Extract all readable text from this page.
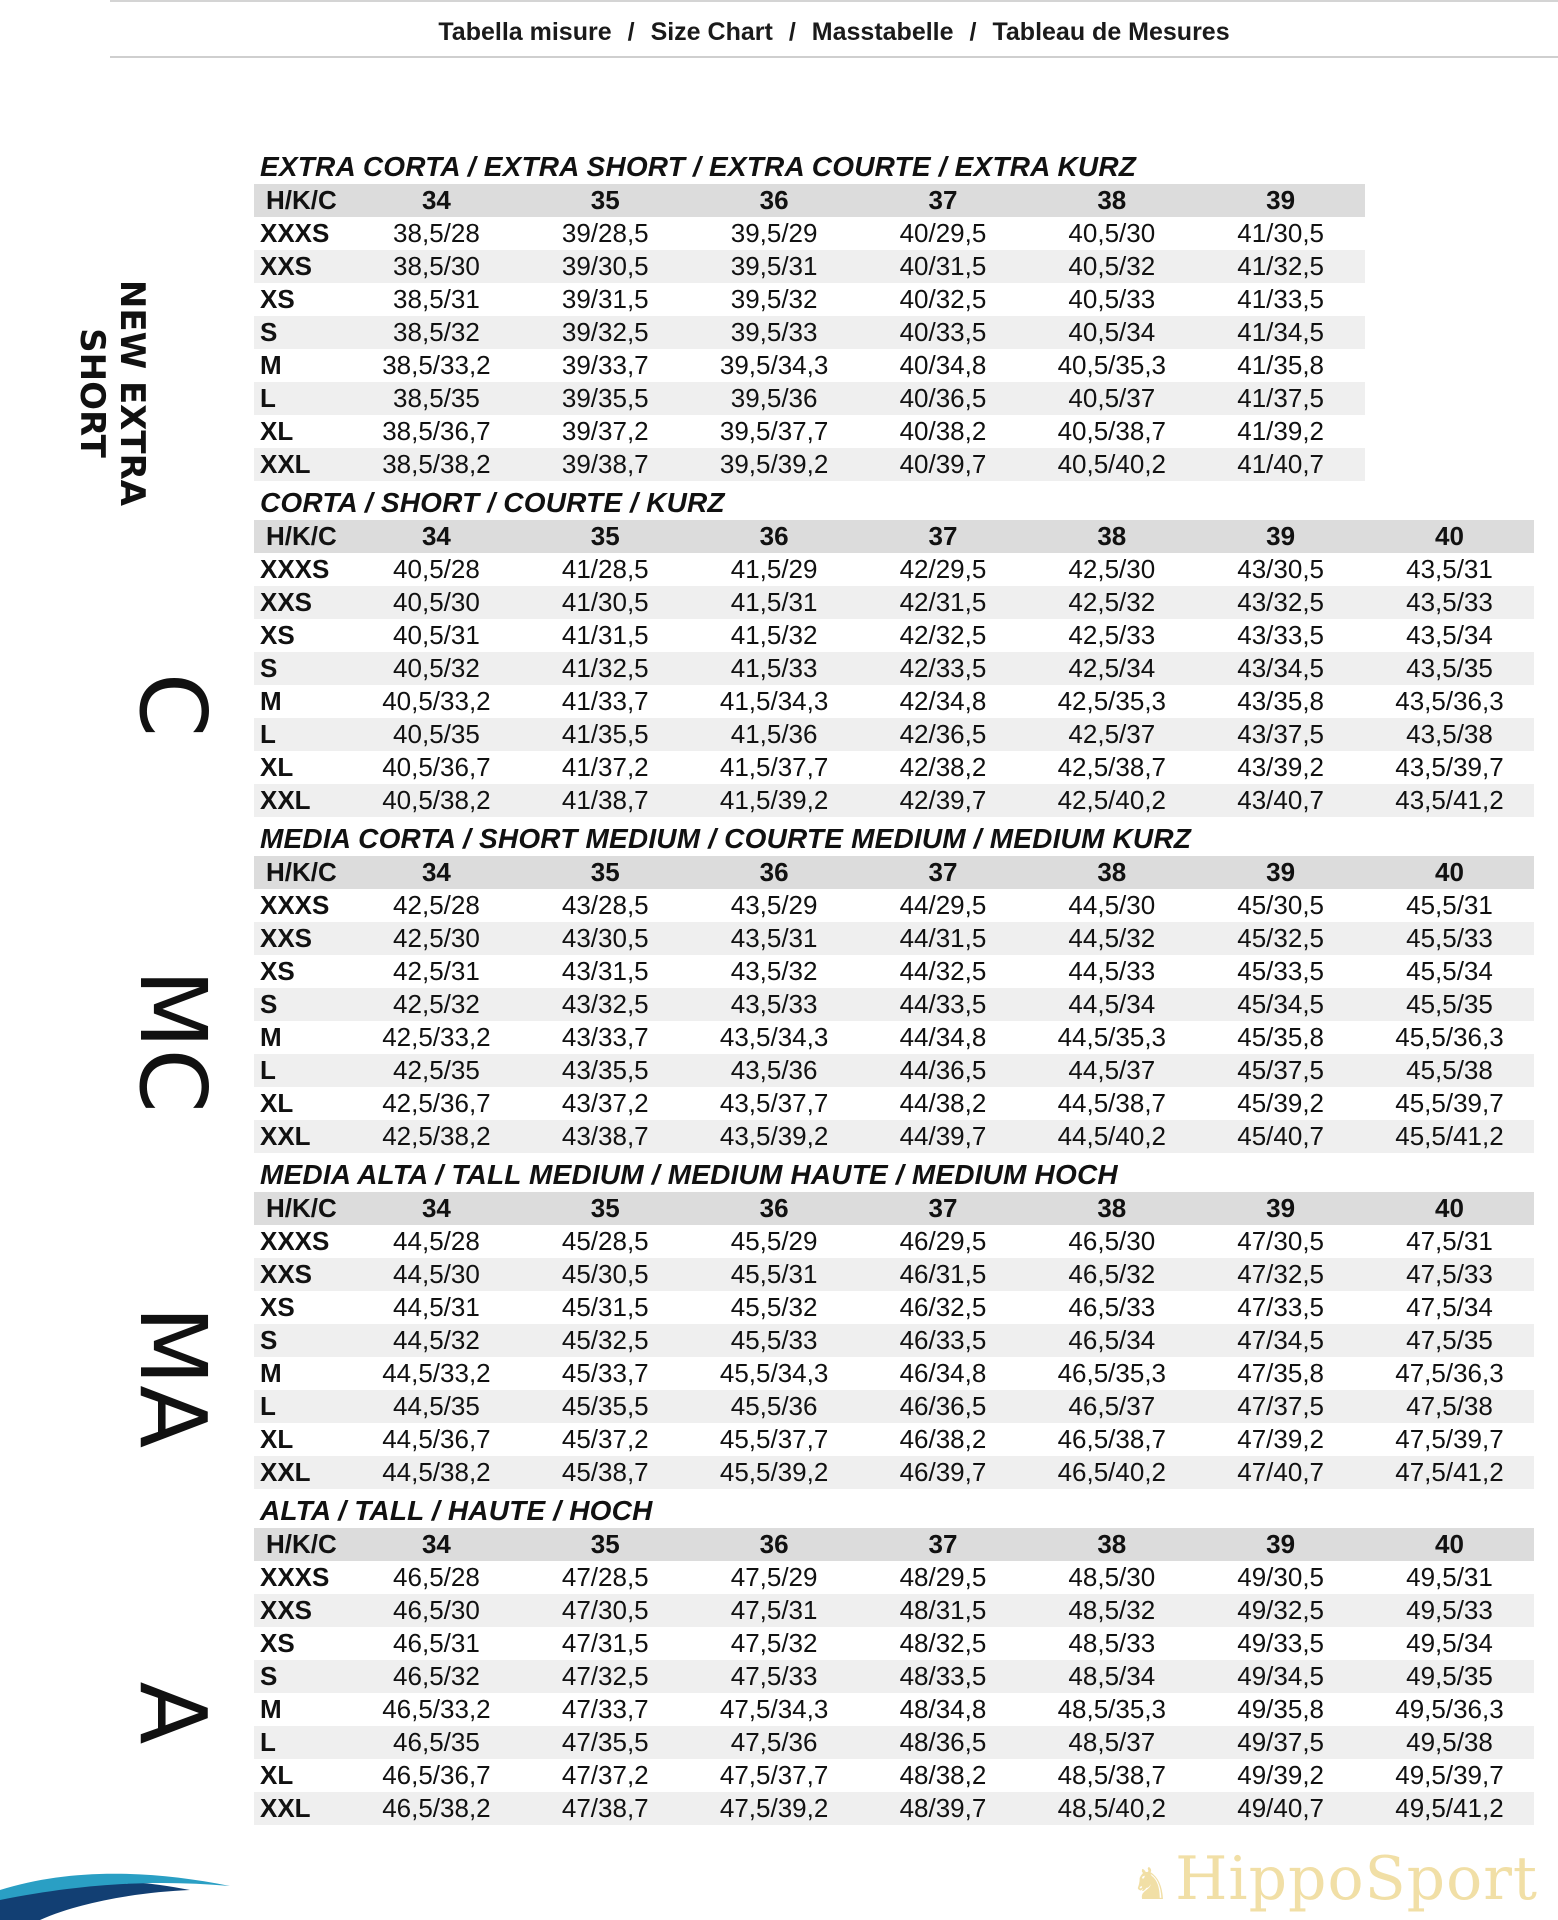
Tabella misure / Size Chart / Masstabelle / Tableau de Mesures
EXTRA CORTA / EXTRA SHORT / EXTRA COURTE / EXTRA KURZ
H/K/C	34	35	36	37	38	39	
XXXS	38,5/28	39/28,5	39,5/29	40/29,5	40,5/30	41/30,5	
XXS	38,5/30	39/30,5	39,5/31	40/31,5	40,5/32	41/32,5	
XS	38,5/31	39/31,5	39,5/32	40/32,5	40,5/33	41/33,5	
S	38,5/32	39/32,5	39,5/33	40/33,5	40,5/34	41/34,5	
M	38,5/33,2	39/33,7	39,5/34,3	40/34,8	40,5/35,3	41/35,8	
L	38,5/35	39/35,5	39,5/36	40/36,5	40,5/37	41/37,5	
XL	38,5/36,7	39/37,2	39,5/37,7	40/38,2	40,5/38,7	41/39,2	
XXL	38,5/38,2	39/38,7	39,5/39,2	40/39,7	40,5/40,2	41/40,7	
CORTA / SHORT / COURTE / KURZ
H/K/C	34	35	36	37	38	39	40
XXXS	40,5/28	41/28,5	41,5/29	42/29,5	42,5/30	43/30,5	43,5/31
XXS	40,5/30	41/30,5	41,5/31	42/31,5	42,5/32	43/32,5	43,5/33
XS	40,5/31	41/31,5	41,5/32	42/32,5	42,5/33	43/33,5	43,5/34
S	40,5/32	41/32,5	41,5/33	42/33,5	42,5/34	43/34,5	43,5/35
M	40,5/33,2	41/33,7	41,5/34,3	42/34,8	42,5/35,3	43/35,8	43,5/36,3
L	40,5/35	41/35,5	41,5/36	42/36,5	42,5/37	43/37,5	43,5/38
XL	40,5/36,7	41/37,2	41,5/37,7	42/38,2	42,5/38,7	43/39,2	43,5/39,7
XXL	40,5/38,2	41/38,7	41,5/39,2	42/39,7	42,5/40,2	43/40,7	43,5/41,2
MEDIA CORTA / SHORT MEDIUM / COURTE MEDIUM / MEDIUM KURZ
H/K/C	34	35	36	37	38	39	40
XXXS	42,5/28	43/28,5	43,5/29	44/29,5	44,5/30	45/30,5	45,5/31
XXS	42,5/30	43/30,5	43,5/31	44/31,5	44,5/32	45/32,5	45,5/33
XS	42,5/31	43/31,5	43,5/32	44/32,5	44,5/33	45/33,5	45,5/34
S	42,5/32	43/32,5	43,5/33	44/33,5	44,5/34	45/34,5	45,5/35
M	42,5/33,2	43/33,7	43,5/34,3	44/34,8	44,5/35,3	45/35,8	45,5/36,3
L	42,5/35	43/35,5	43,5/36	44/36,5	44,5/37	45/37,5	45,5/38
XL	42,5/36,7	43/37,2	43,5/37,7	44/38,2	44,5/38,7	45/39,2	45,5/39,7
XXL	42,5/38,2	43/38,7	43,5/39,2	44/39,7	44,5/40,2	45/40,7	45,5/41,2
MEDIA ALTA / TALL MEDIUM / MEDIUM HAUTE / MEDIUM HOCH
H/K/C	34	35	36	37	38	39	40
XXXS	44,5/28	45/28,5	45,5/29	46/29,5	46,5/30	47/30,5	47,5/31
XXS	44,5/30	45/30,5	45,5/31	46/31,5	46,5/32	47/32,5	47,5/33
XS	44,5/31	45/31,5	45,5/32	46/32,5	46,5/33	47/33,5	47,5/34
S	44,5/32	45/32,5	45,5/33	46/33,5	46,5/34	47/34,5	47,5/35
M	44,5/33,2	45/33,7	45,5/34,3	46/34,8	46,5/35,3	47/35,8	47,5/36,3
L	44,5/35	45/35,5	45,5/36	46/36,5	46,5/37	47/37,5	47,5/38
XL	44,5/36,7	45/37,2	45,5/37,7	46/38,2	46,5/38,7	47/39,2	47,5/39,7
XXL	44,5/38,2	45/38,7	45,5/39,2	46/39,7	46,5/40,2	47/40,7	47,5/41,2
ALTA / TALL / HAUTE / HOCH
H/K/C	34	35	36	37	38	39	40
XXXS	46,5/28	47/28,5	47,5/29	48/29,5	48,5/30	49/30,5	49,5/31
XXS	46,5/30	47/30,5	47,5/31	48/31,5	48,5/32	49/32,5	49,5/33
XS	46,5/31	47/31,5	47,5/32	48/32,5	48,5/33	49/33,5	49,5/34
S	46,5/32	47/32,5	47,5/33	48/33,5	48,5/34	49/34,5	49,5/35
M	46,5/33,2	47/33,7	47,5/34,3	48/34,8	48,5/35,3	49/35,8	49,5/36,3
L	46,5/35	47/35,5	47,5/36	48/36,5	48,5/37	49/37,5	49,5/38
XL	46,5/36,7	47/37,2	47,5/37,7	48/38,2	48,5/38,7	49/39,2	49,5/39,7
XXL	46,5/38,2	47/38,7	47,5/39,2	48/39,7	48,5/40,2	49/40,7	49,5/41,2
NEW EXTRA
SHORT
C
MC
MA
A
♞HippoSport
